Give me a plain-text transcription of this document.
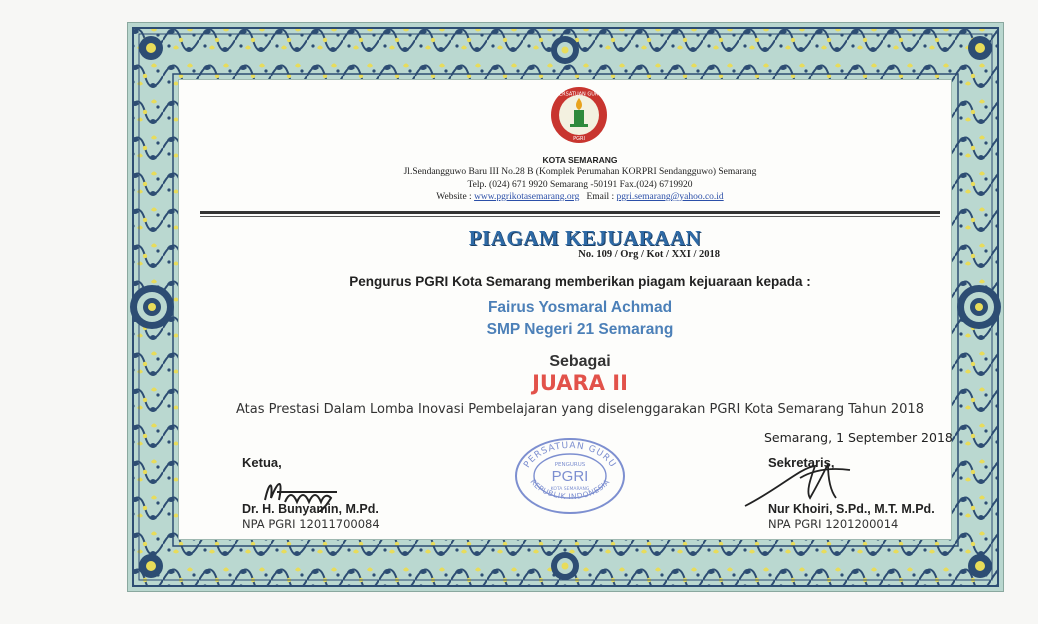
PERSATUAN GURU
PGRI
KOTA SEMARANG
Jl.Sendangguwo Baru III No.28 B (Komplek Perumahan KORPRI Sendangguwo) Semarang
Telp. (024) 671 9920 Semarang -50191 Fax.(024) 6719920
Website : www.pgrikotasemarang.org Email : pgri.semarang@yahoo.co.id
PIAGAM KEJUARAAN
No. 109 / Org / Kot / XXI / 2018
Pengurus PGRI Kota Semarang memberikan piagam kejuaraan kepada :
Fairus Yosmaral Achmad
SMP Negeri 21 Semarang
Sebagai
JUARA II
Atas Prestasi Dalam Lomba Inovasi Pembelajaran yang diselenggarakan PGRI Kota Semarang Tahun 2018
Semarang, 1 September 2018
Ketua,	Sekretaris,
Dr. H. Bunyamin, M.Pd.
NPA PGRI 12011700084
Nur Khoiri, S.Pd., M.T. M.Pd.
NPA PGRI 1201200014
PERSATUAN GURU
REPUBLIK INDONESIA
PENGURUS
PGRI
KOTA SEMARANG
